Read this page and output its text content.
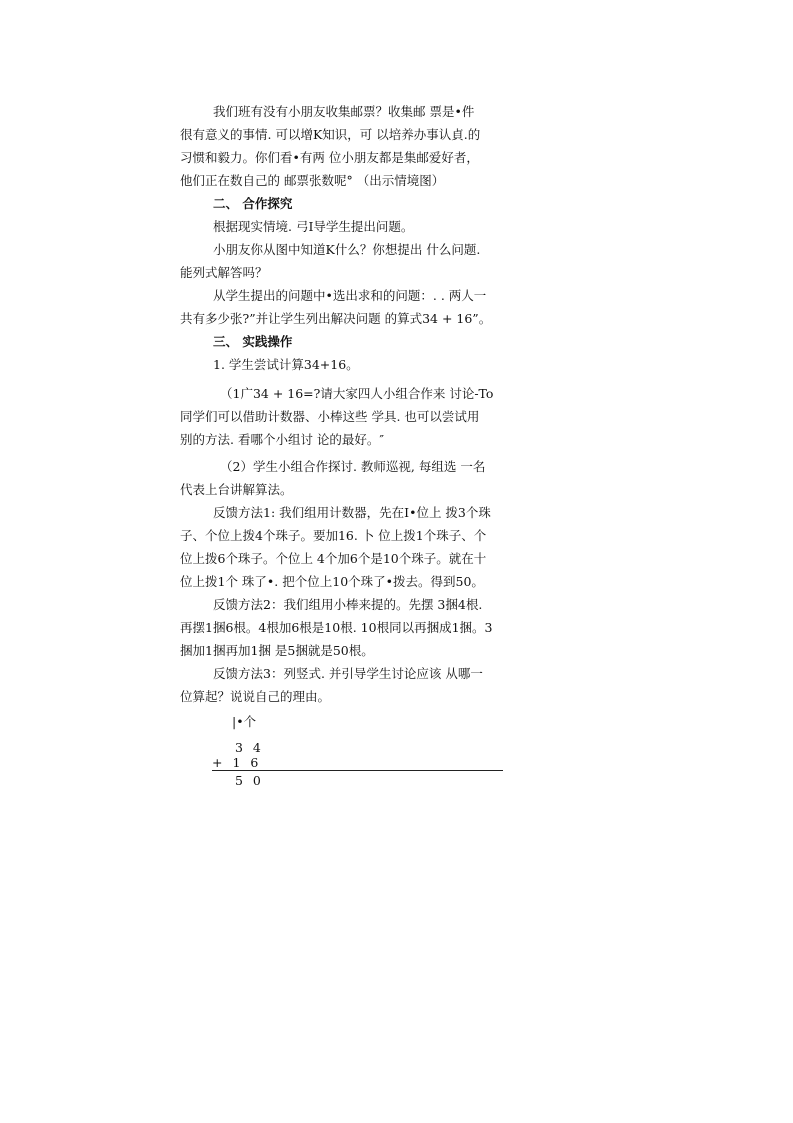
我们班有没有小朋友收集邮票？收集邮 票是•件
很有意义的事情. 可以增K知识，可 以培养办事认貞.的
习惯和毅力。你们看•有两 位小朋友都是集邮爱好者，
他们正在数自己的 邮票张数呢° （出示情境图）
二、 合作探究
根据现实情境. 弓I导学生提出问题。
小朋友你从图中知道K什么？你想提出 什么问题.
能列式解答吗？
从学生提出的问题中•选出求和的问题：. . 两人一
共有多少张?”并让学生列出解决问题 的算式34 + 16”。
三、 实践操作
1. 学生尝试计算34+16。
（1广34 + 16=?请大家四人小组合作来 讨论-To
同学们可以借助计数器、小棒这些 学具. 也可以尝试用
别的方法. 看哪个小组讨 论的最好。″
（2）学生小组合作探讨. 教师巡视, 每组选 一名
代表上台讲解算法。
反馈方法1: 我们组用计数器，先在I•位上 拨3个珠
子、个位上拨4个珠子。要加16. 卜 位上拨1个珠子、个
位上拨6个珠子。个位上 4个加6个是10个珠子。就在十
位上拨1个 珠了•. 把个位上10个珠了•拨去。得到50。
反馈方法2：我们组用小棒来提的。先摆 3捆4根.
再摆1捆6根。4根加6根是10根. 10根同以再捆成1捆。3
捆加1捆再加1捆 是5捆就是50根。
反馈方法3：列竖式. 并引导学生讨论应该 从哪一
位算起？说说自己的理由。
|•个
3 4
+ 1 6
5 0
